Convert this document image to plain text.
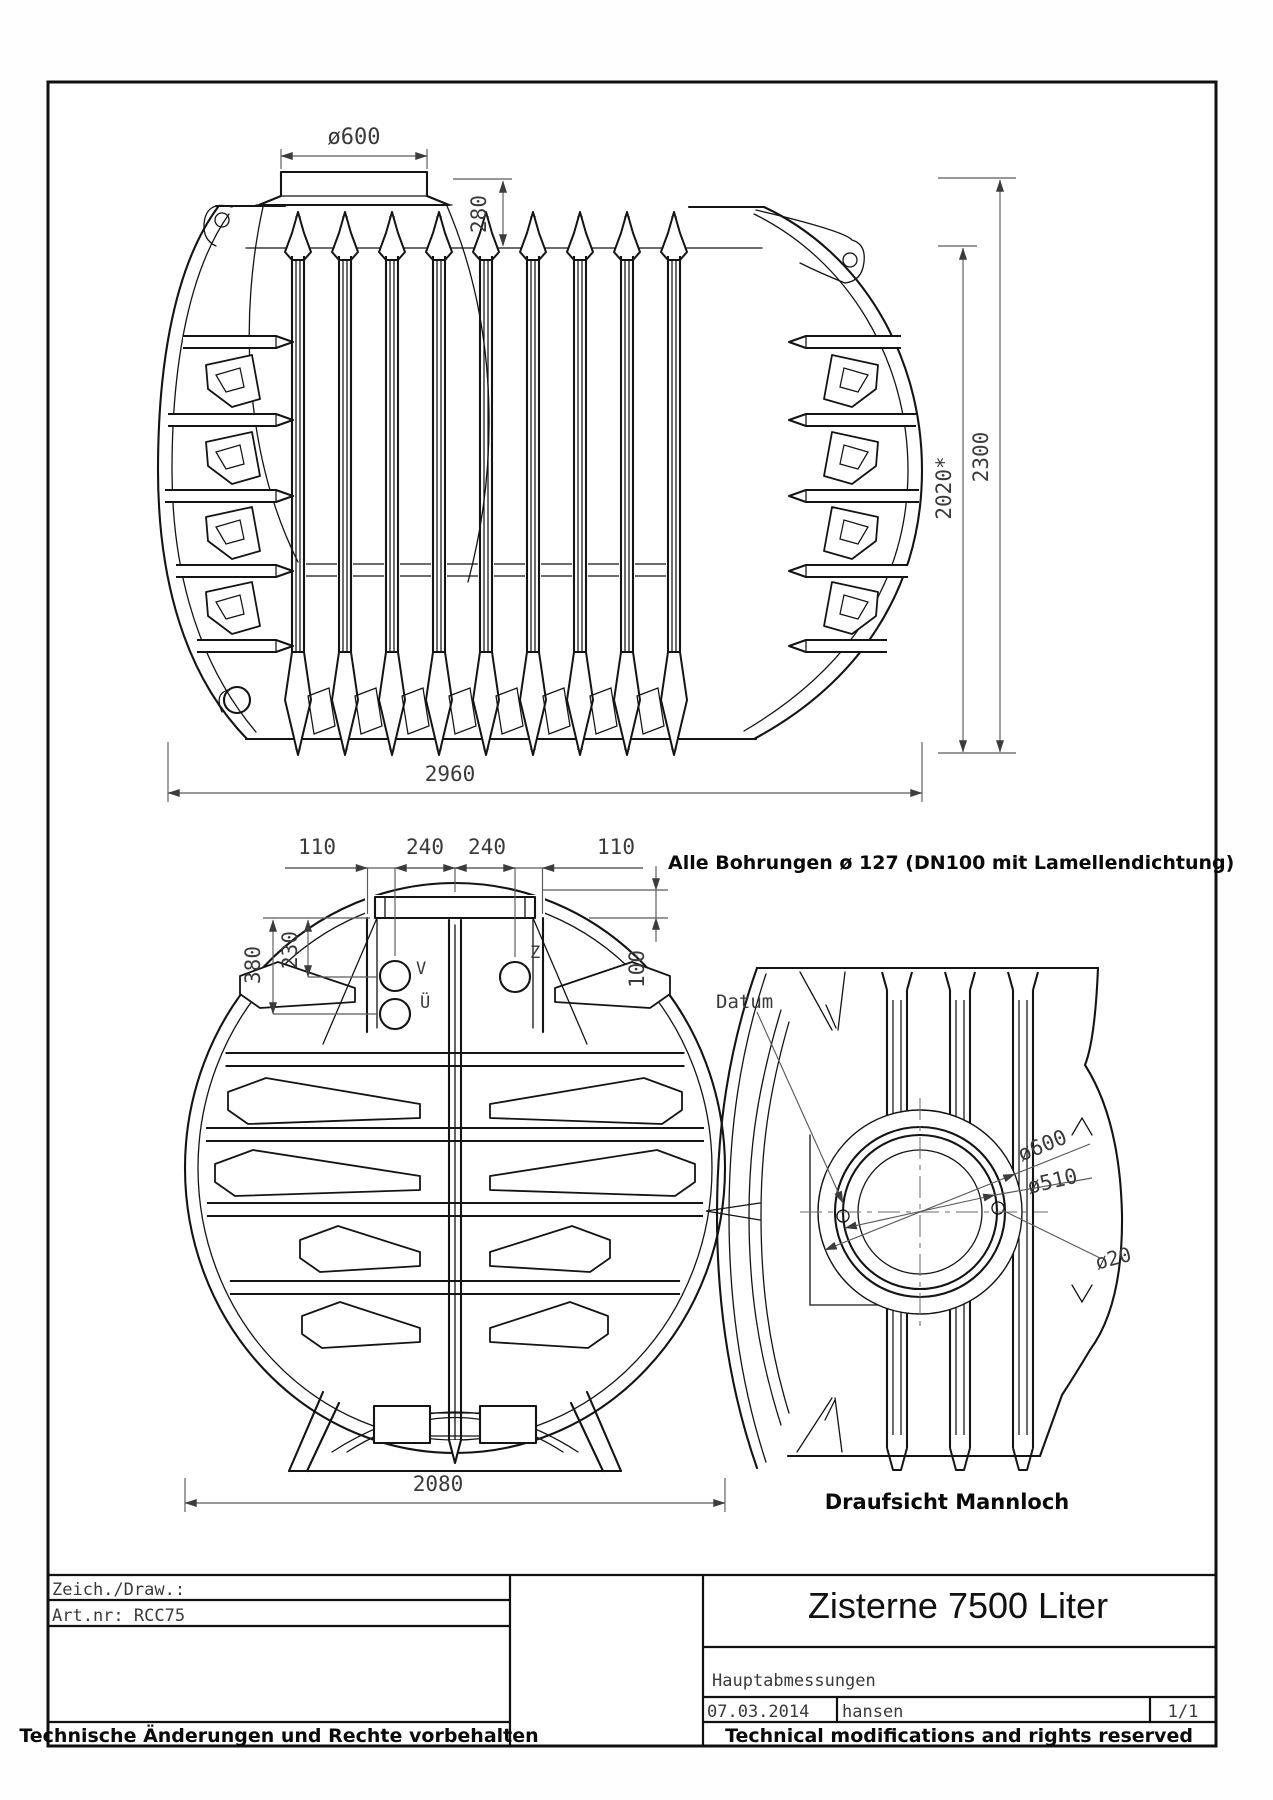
ø600
280
2020* 2300
2960
V
Ü
Z
110	240 240	110
380 230
100
2080
Alle Bohrungen ø 127 (DN100 mit Lamellendichtung)
Datum
ø600
ø510
ø20
Draufsicht Mannloch
Zeich./Draw.:
Art.nr: RCC75
Technische Änderungen und Rechte vorbehalten
Zisterne 7500 Liter
Hauptabmessungen
07.03.2014 hansen	1/1
Technical modifications and rights reserved
